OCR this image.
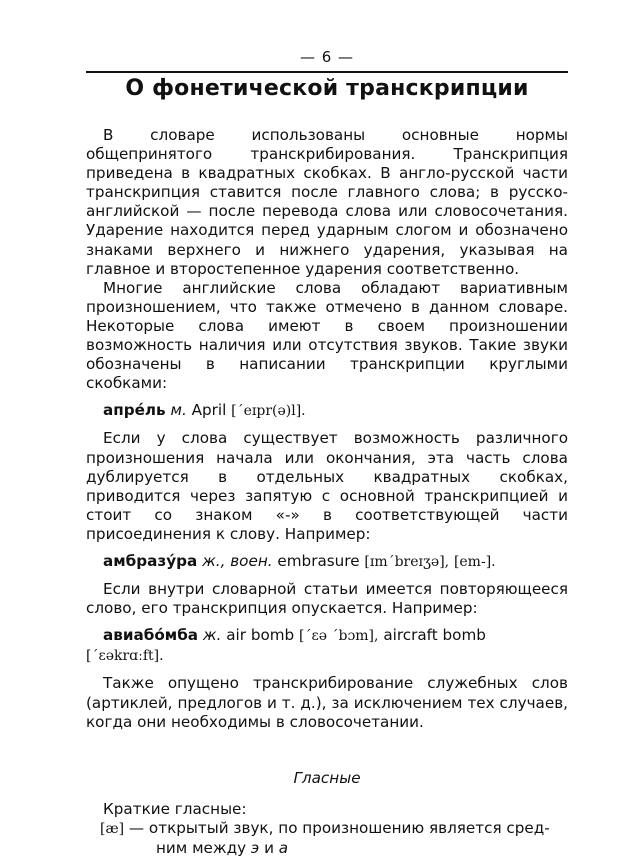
— 6 —
О фонетической транскрипции

В словаре использованы основные нормы общепринятого транскрибирования. Транскрипция приведена в квадратных скобках. В англо-русской части транскрипция ставится после главного слова; в русско-английской — после перевода слова или словосочетания. Ударение находится перед ударным слогом и обозначено знаками верхнего и нижнего ударения, указывая на главное и второстепенное ударения соответственно.

Многие английские слова обладают вариативным произношением, что также отмечено в данном словаре. Некоторые слова имеют в своем произношении возможность наличия или отсутствия звуков. Такие звуки обозначены в написании транскрипции круглыми скобками:

апре́ль м. April [ˊeɪpr(ə)l].

Если у слова существует возможность различного произношения начала или окончания, эта часть слова дублируется в отдельных квадратных скобках, приводится через запятую с основной транскрипцией и стоит со знаком «-» в соответствующей части присоединения к слову. Например:

амбразу́ра ж., воен. embrasure [ɪmˊbreɪʒə], [em-].

Если внутри словарной статьи имеется повторяющееся слово, его транскрипция опускается. Например:

авиабо́мба ж. air bomb [ˊɛə ˊbɔm], aircraft bomb [ˊɛəkrɑːft].

Также опущено транскрибирование служебных слов (артиклей, предлогов и т. д.), за исключением тех случаев, когда они необходимы в словосочетании.

Гласные

Краткие гласные:

[æ] — открытый звук, по произношению является средним между э и а
